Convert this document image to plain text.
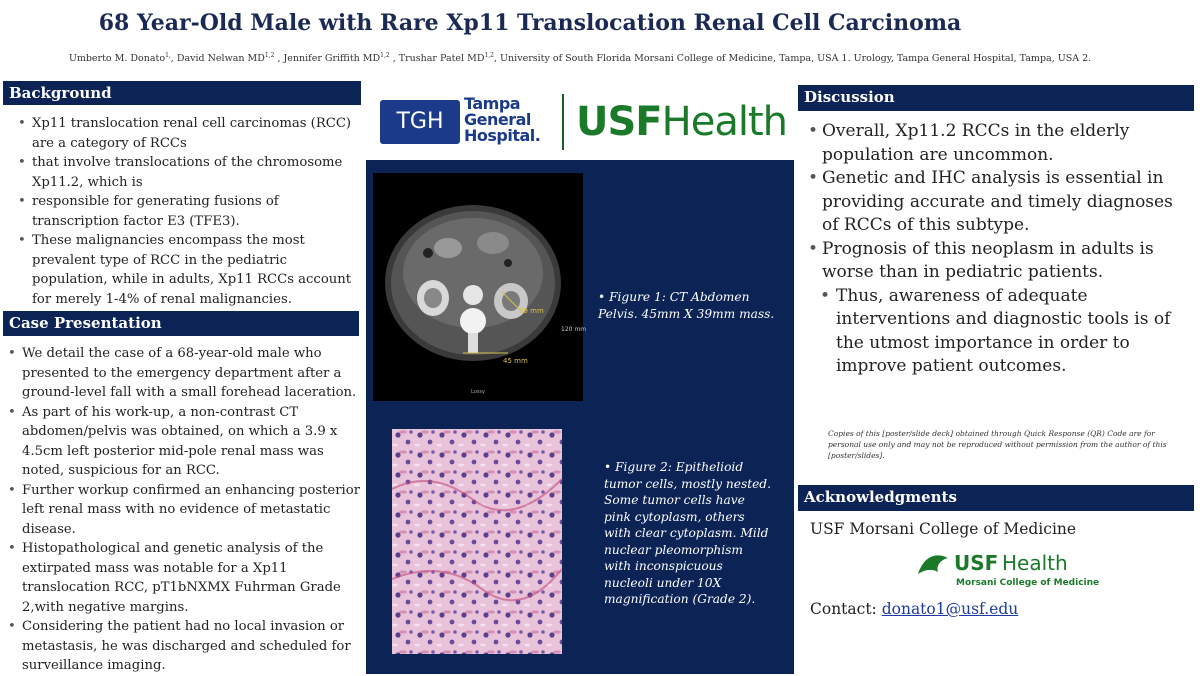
68 Year-Old Male with Rare Xp11 Translocation Renal Cell Carcinoma
Umberto M. Donato$^{1,}$, David Nelwan MD$^{1,2}$ , Jennifer Griffith MD$^{1,2}$ , Trushar Patel MD$^{1,2}$, University of South Florida Morsani College of Medicine, Tampa, USA 1. Urology, Tampa General Hospital, Tampa, USA 2.
Background
• Xp11 translocation renal cell carcinomas (RCC) are a category of RCCs
• that involve translocations of the chromosome Xp11.2, which is
• responsible for generating fusions of transcription factor E3 (TFE3).
• These malignancies encompass the most prevalent type of RCC in the pediatric population, while in adults, Xp11 RCCs account for merely 1-4% of renal malignancies.
Case Presentation
• We detail the case of a 68-year-old male who presented to the emergency department after a ground-level fall with a small forehead laceration.
• As part of his work-up, a non-contrast CT abdomen/pelvis was obtained, on which a 3.9 x 4.5cm left posterior mid-pole renal mass was noted, suspicious for an RCC.
• Further workup confirmed an enhancing posterior left renal mass with no evidence of metastatic disease.
• Histopathological and genetic analysis of the extirpated mass was notable for a Xp11 translocation RCC, pT1bNXMX Fuhrman Grade 2,with negative margins.
• Considering the patient had no local invasion or metastasis, he was discharged and scheduled for surveillance imaging.
TGH
Tampa
General
Hospital. USFHealth
39 mm
45 mm
120 mm
Lossy
• Figure 1: CT Abdomen Pelvis. 45mm X 39mm mass.
• Figure 2: Epithelioid tumor cells, mostly nested. Some tumor cells have pink cytoplasm, others with clear cytoplasm. Mild nuclear pleomorphism with inconspicuous nucleoli under 10X magnification (Grade 2).
Discussion
• Overall, Xp11.2 RCCs in the elderly population are uncommon.
• Genetic and IHC analysis is essential in providing accurate and timely diagnoses of RCCs of this subtype.
• Prognosis of this neoplasm in adults is worse than in pediatric patients.
• Thus, awareness of adequate interventions and diagnostic tools is of the utmost importance in order to improve patient outcomes.
Copies of this [poster/slide deck] obtained through Quick Response (QR) Code are for personal use only and may not be reproduced without permission from the author of this [poster/slides].
Acknowledgments
USF Morsani College of Medicine
USF Health
Morsani College of Medicine
Contact: donato1@usf.edu
